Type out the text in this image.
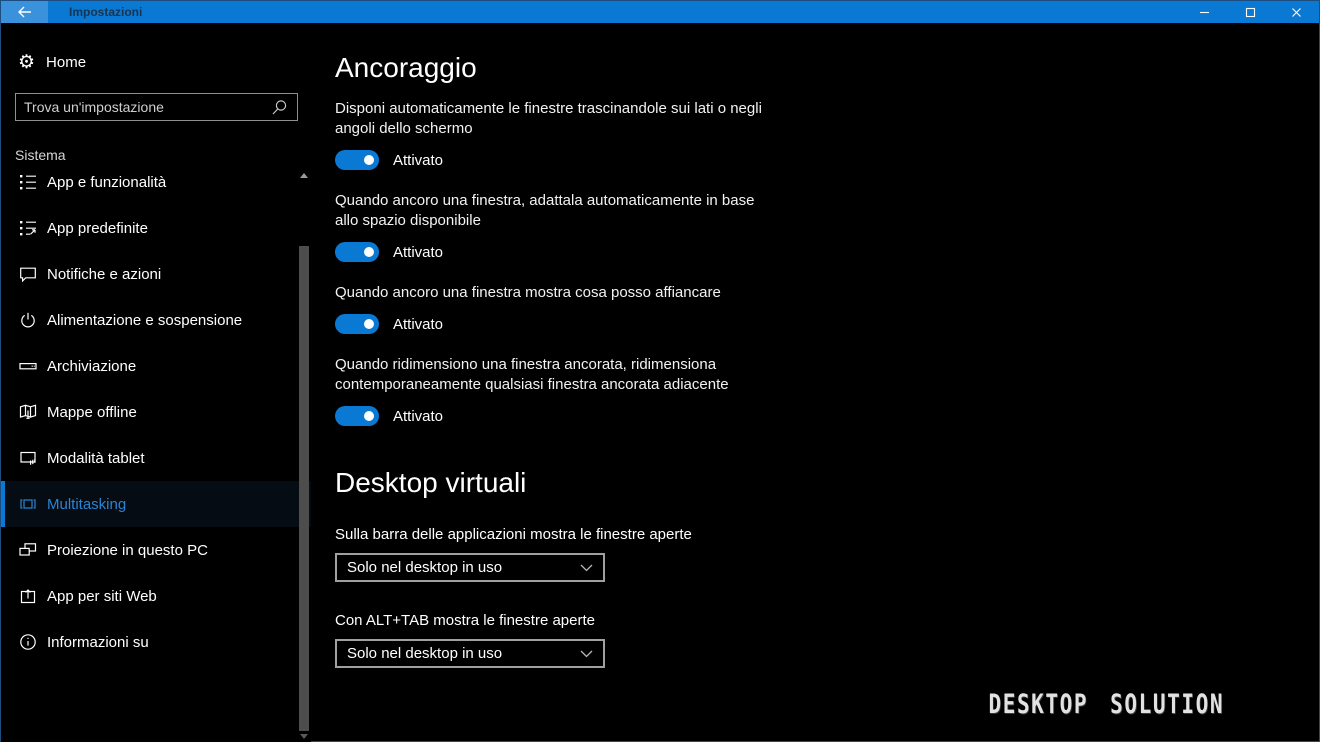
Impostazioni
⚙ Home
Trova un'impostazione
Sistema
App e funzionalità
App predefinite
Notifiche e azioni
Alimentazione e sospensione
Archiviazione
Mappe offline
Modalità tablet
Multitasking
Proiezione in questo PC
App per siti Web
Informazioni su
Ancoraggio
Disponi automaticamente le finestre trascinandole sui lati o negli angoli dello schermo
Attivato
Quando ancoro una finestra, adattala automaticamente in base allo spazio disponibile
Attivato
Quando ancoro una finestra mostra cosa posso affiancare
Attivato
Quando ridimensiono una finestra ancorata, ridimensiona contemporaneamente qualsiasi finestra ancorata adiacente
Attivato
Desktop virtuali
Sulla barra delle applicazioni mostra le finestre aperte
Solo nel desktop in uso
Con ALT+TAB mostra le finestre aperte
Solo nel desktop in uso
DESKTOP SOLUTION
